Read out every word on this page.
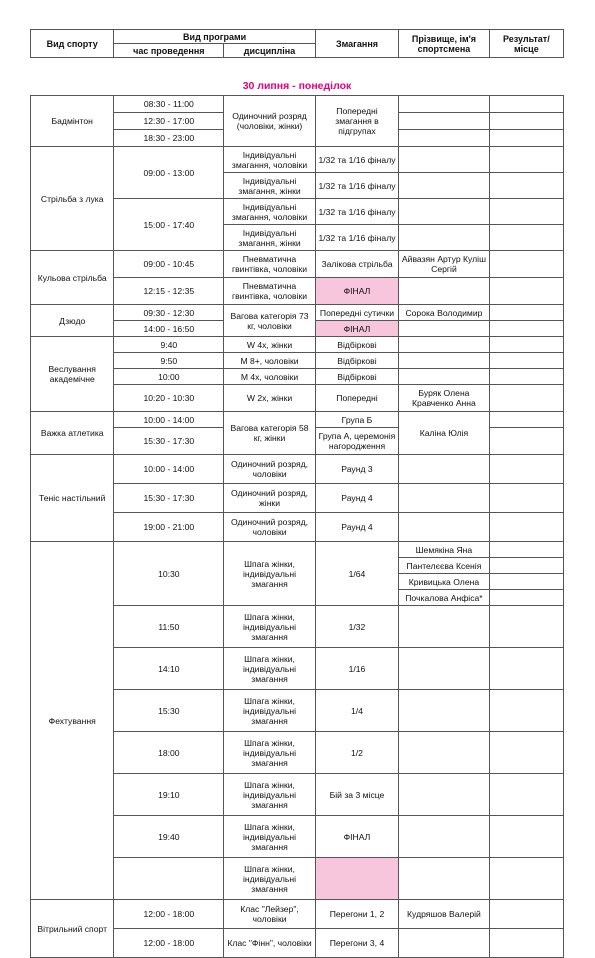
Вид спорту	Вид програми		Змагання	Прізвище, ім'я спортсмена	Результат/ місце
	час проведення	дисципліна			
30 липня - понеділок
Бадмінтон	08:30 - 11:00	Одиночний розряд (чоловіки, жінки)	Попередні змагання в підгрупах		
	12:30 - 17:00				
	18:30 - 23:00				
Стрільба з лука	09:00 - 13:00	Індивідуальні змагання, чоловіки	1/32 та 1/16 фіналу		
		Індивідуальні змагання, жінки	1/32 та 1/16 фіналу		
	15:00 - 17:40	Індивідуальні змагання, чоловіки	1/32 та 1/16 фіналу		
		Індивідуальні змагання, жінки	1/32 та 1/16 фіналу		
Кульова стрільба	09:00 - 10:45	Пневматична гвинтівка, чоловіки	Залікова стрільба	Айвазян Артур Куліш Сергій	
	12:15 - 12:35	Пневматична гвинтівка, чоловіки	ФІНАЛ		
Дзюдо	09:30 - 12:30	Вагова категорія 73 кг, чоловіки	Попередні сутички	Сорока Володимир	
	14:00 - 16:50		ФІНАЛ		
Веслування академічне	9:40	W 4x, жінки	Відбіркові		
	9:50	M 8+, чоловіки	Відбіркові		
	10:00	M 4x, чоловіки	Відбіркові		
	10:20 - 10:30	W 2x, жінки	Попередні	Буряк Олена Кравченко Анна	
Важка атлетика	10:00 - 14:00	Вагова категорія 58 кг, жінки	Група Б	Каліна Юлія	
	15:30 - 17:30		Група А, церемонія нагородження		
Теніс настільний	10:00 - 14:00	Одиночний розряд, чоловіки	Раунд 3		
	15:30 - 17:30	Одиночний розряд, жінки	Раунд 4		
	19:00 - 21:00	Одиночний розряд, чоловіки	Раунд 4		
Фехтування	10:30	Шпага жінки, індивідуальні змагання	1/64	Шемякіна Яна	
				Пантелєєва Ксенія	
				Кривицька Олена	
				Почкалова Анфіса*	
	11:50	Шпага жінки, індивідуальні змагання	1/32		
	14:10	Шпага жінки, індивідуальні змагання	1/16		
	15:30	Шпага жінки, індивідуальні змагання	1/4		
	18:00	Шпага жінки, індивідуальні змагання	1/2		
	19:10	Шпага жінки, індивідуальні змагання	Бій за 3 місце		
	19:40	Шпага жінки, індивідуальні змагання	ФІНАЛ		
		Шпага жінки, індивідуальні змагання			
Вітрильний спорт	12:00 - 18:00	Клас "Лейзер", чоловіки	Перегони 1, 2	Кудряшов Валерій	
	12:00 - 18:00	Клас "Фінн", чоловіки	Перегони 3, 4		
